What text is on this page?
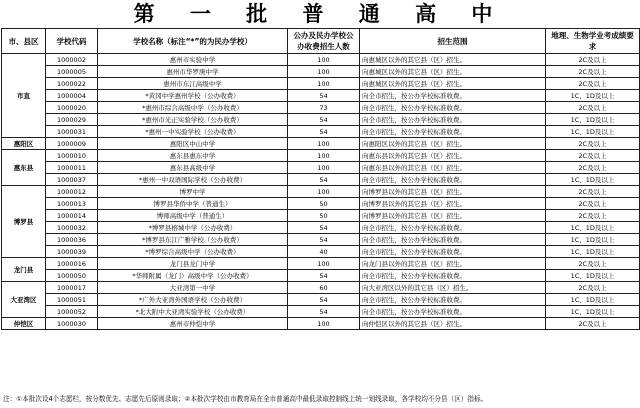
第 一 批 普 通 高 中
市、县区	学校代码	学校名称（标注“*”的为民办学校）	公办及民办学校公办收费招生人数	招生范围	地理、生物学业考成绩要求
市直	1000002	惠州市实验中学	100	向惠城区以外的其它县（区）招生。	2C及以上
	1000005	惠州市华罗庚中学	100	向惠城区以外的其它县（区）招生。	2C及以上
	1000022	惠州市东江高级中学	100	向惠城区以外的其它县（区）招生。	2C及以上
	1000004	*黄冈中学惠州学校（公办收费）	54	向全市招生，按公办学校标准收费。	1C、1D及以上
	1000020	*惠州市综合高级中学（公办收费）	73	向全市招生，按公办学校标准收费。	2C及以上
	1000029	*惠州市光正实验学校（公办收费）	54	向全市招生，按公办学校标准收费。	1C、1D及以上
	1000031	*惠州一中实验学校（公办收费）	54	向全市招生，按公办学校标准收费。	1C、1D及以上
惠阳区	1000009	惠阳区中山中学	100	向惠阳区以外的其它县（区）招生。	2C及以上
惠东县	1000010	惠东县惠东中学	100	向惠东县以外的其它县（区）招生。	2C及以上
	1000011	惠东县高级中学	100	向惠东县以外的其它县（区）招生。	2C及以上
	1000037	*惠州一中双语国际学校（公办收费）	54	向全市招生，按公办学校标准收费。	1C、1D及以上
博罗县	1000012	博罗中学	100	向博罗县以外的其它县（区）招生。	2C及以上
	1000013	博罗县华侨中学（普通生）	50	向博罗县以外的其它县（区）招生。	2C及以上
	1000014	博师高级中学（普通生）	50	向博罗县以外的其它县（区）招生。	2C及以上
	1000032	*博罗县榕城中学（公办收费）	54	向全市招生，按公办学校标准收费。	1C、1D及以上
	1000036	*博罗县东江广雅学校（公办收费）	54	向全市招生，按公办学校标准收费。	1C、1D及以上
	1000039	*博罗综合高级中学（公办收费）	40	向全市招生，按公办学校标准收费。	1C、1D及以上
龙门县	1000016	龙门县龙门中学	100	向龙门县以外的其它县（区）招生。	2C及以上
	1000050	*华师附属（龙门）高级中学（公办收费）	54	向全市招生，按公办学校标准收费。	1C、1D及以上
大亚湾区	1000017	大亚湾第一中学	60	向大亚湾区以外的其它县（区）招生。	2C及以上
	1000051	*广外大亚湾外国语学校（公办收费）	54	向全市招生，按公办学校标准收费。	1C、1D及以上
	1000052	*北大附中大亚湾实验学校（公办收费）	54	向全市招生，按公办学校标准收费。	1C、1D及以上
仲恺区	1000030	惠州市仲恺中学	100	向仲恺区以外的其它县（区）招生。	2C及以上
注：①本批次设4个志愿栏，按分数优先、志愿先后原则录取；②本批次学校由市教育局在全市普通高中最低录取控制线上统一划线录取，各学校均不分县（区）指标。
